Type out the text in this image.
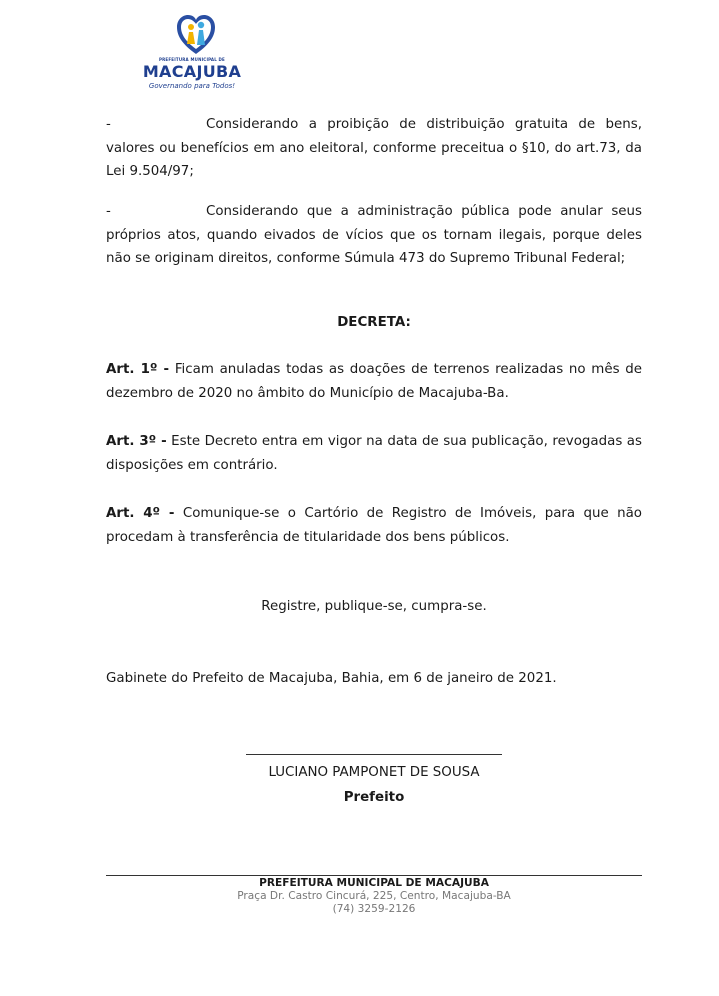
PREFEITURA MUNICIPAL DE
MACAJUBA
Governando para Todos!

-	Considerando a proibição de distribuição gratuita de bens, valores ou benefícios em ano eleitoral, conforme preceitua o §10, do art.73, da Lei 9.504/97;

-	Considerando que a administração pública pode anular seus próprios atos, quando eivados de vícios que os tornam ilegais, porque deles não se originam direitos, conforme Súmula 473 do Supremo Tribunal Federal;

DECRETA:

Art. 1º - Ficam anuladas todas as doações de terrenos realizadas no mês de dezembro de 2020 no âmbito do Município de Macajuba-Ba.

Art. 3º - Este Decreto entra em vigor na data de sua publicação, revogadas as disposições em contrário.

Art. 4º - Comunique-se o Cartório de Registro de Imóveis, para que não procedam à transferência de titularidade dos bens públicos.

Registre, publique-se, cumpra-se.

Gabinete do Prefeito de Macajuba, Bahia, em 6 de janeiro de 2021.

LUCIANO PAMPONET DE SOUSA

Prefeito

PREFEITURA MUNICIPAL DE MACAJUBA

Praça Dr. Castro Cincurá, 225, Centro, Macajuba-BA

(74) 3259-2126
